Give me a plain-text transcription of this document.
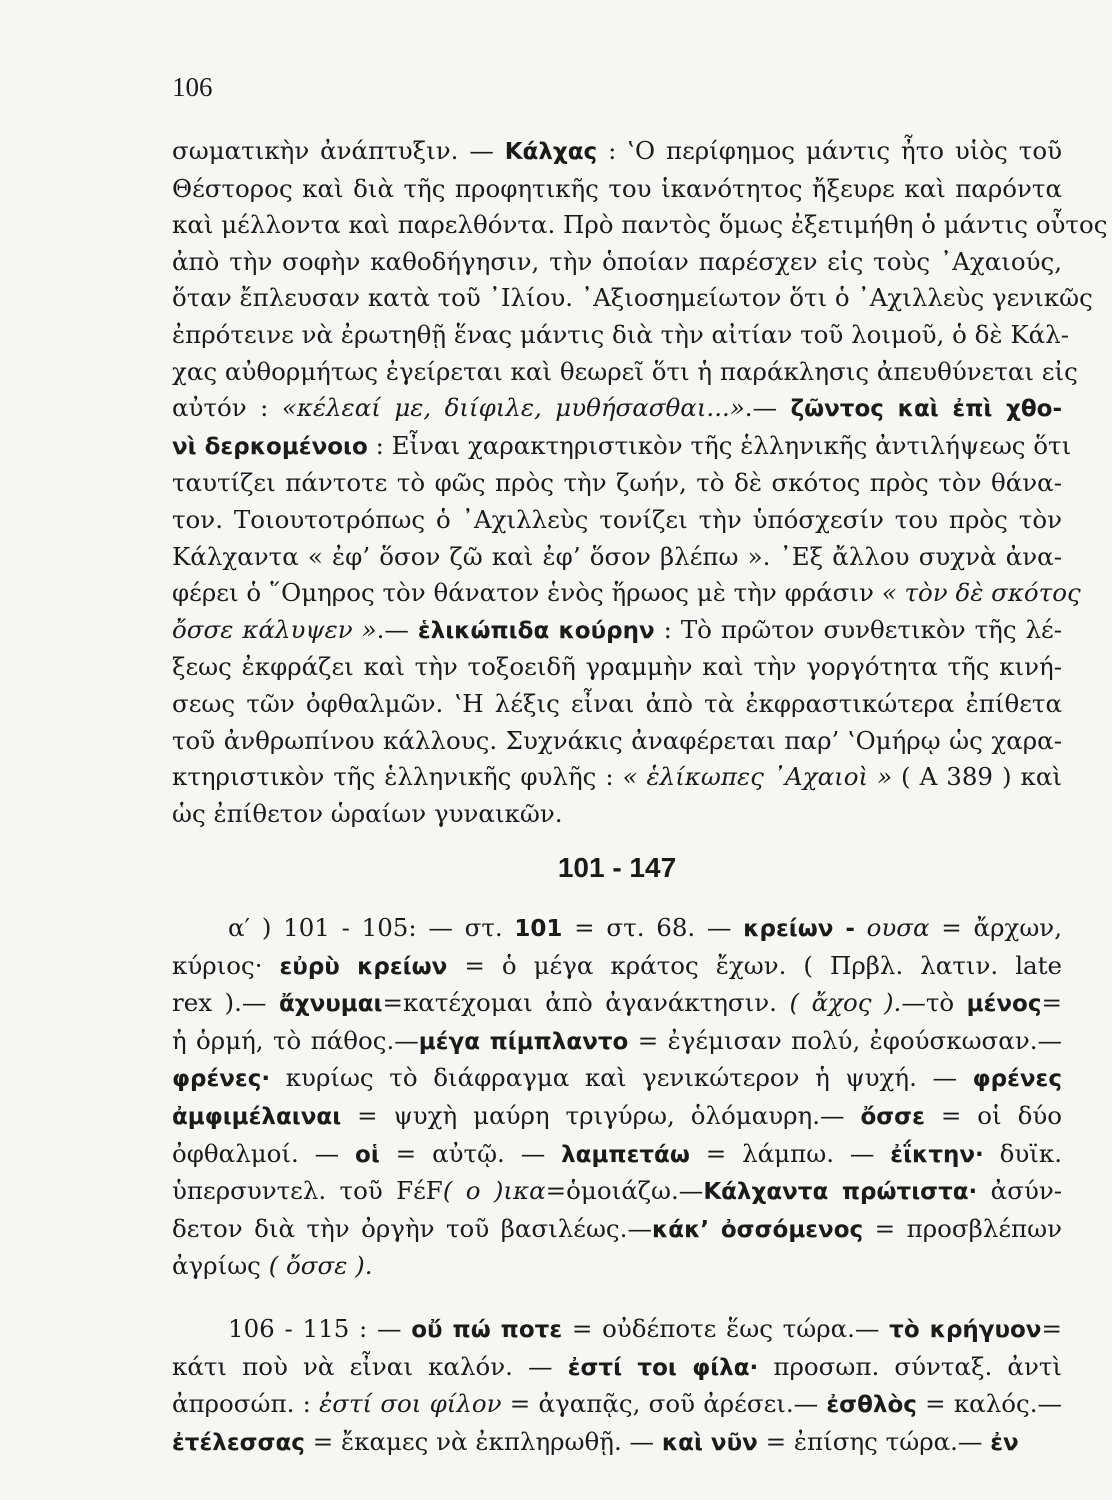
106
σωματικὴν ἀνάπτυξιν. — Κάλχας : ‛Ο περίφημος μάντις ἦτο υἱὸς τοῦ
Θέστορος καὶ διὰ τῆς προφητικῆς του ἱκανότητος ἤξευρε καὶ παρόντα
καὶ μέλλοντα καὶ παρελθόντα. Πρὸ παντὸς ὅμως ἐξετιμήθη ὁ μάντις οὗτος
ἀπὸ τὴν σοφὴν καθοδήγησιν, τὴν ὁποίαν παρέσχεν εἰς τοὺς ᾿Αχαιούς,
ὅταν ἔπλευσαν κατὰ τοῦ ᾿Ιλίου. ᾿Αξιοσημείωτον ὅτι ὁ ᾿Αχιλλεὺς γενικῶς
ἐπρότεινε νὰ ἐρωτηθῇ ἕνας μάντις διὰ τὴν αἰτίαν τοῦ λοιμοῦ, ὁ δὲ Κάλ-
χας αὐθορμήτως ἐγείρεται καὶ θεωρεῖ ὅτι ἡ παράκλησις ἀπευθύνεται εἰς
αὐτόν : «κέλεαί με, διίφιλε, μυθήσασθαι...».— ζῶντος καὶ ἐπὶ χθο-
νὶ δερκομένοιο : Εἶναι χαρακτηριστικὸν τῆς ἑλληνικῆς ἀντιλήψεως ὅτι
ταυτίζει πάντοτε τὸ φῶς πρὸς τὴν ζωήν, τὸ δὲ σκότος πρὸς τὸν θάνα-
τον. Τοιουτοτρόπως ὁ ᾿Αχιλλεὺς τονίζει τὴν ὑπόσχεσίν του πρὸς τὸν
Κάλχαντα « ἐφ’ ὅσον ζῶ καὶ ἐφ’ ὅσον βλέπω ». ᾿Εξ ἄλλου συχνὰ ἀνα-
φέρει ὁ ῞Ομηρος τὸν θάνατον ἑνὸς ἥρωος μὲ τὴν φράσιν « τὸν δὲ σκότος
ὄσσε κάλυψεν ».— ἑλικώπιδα κούρην : Τὸ πρῶτον συνθετικὸν τῆς λέ-
ξεως ἐκφράζει καὶ τὴν τοξοειδῆ γραμμὴν καὶ τὴν γοργότητα τῆς κινή-
σεως τῶν ὀφθαλμῶν. ‛Η λέξις εἶναι ἀπὸ τὰ ἐκφραστικώτερα ἐπίθετα
τοῦ ἀνθρωπίνου κάλλους. Συχνάκις ἀναφέρεται παρ’ ‛Ομήρῳ ὡς χαρα-
κτηριστικὸν τῆς ἑλληνικῆς φυλῆς : « ἑλίκωπες ᾿Αχαιοὶ » ( Α 389 ) καὶ
ὡς ἐπίθετον ὡραίων γυναικῶν.
101 - 147
α′ ) 101 - 105: — στ. 101 = στ. 68. — κρείων - ουσα = ἄρχων,
κύριος· εὐρὺ κρείων = ὁ μέγα κράτος ἔχων. ( Πρβλ. λατιν. late
rex ).— ἄχνυμαι=κατέχομαι ἀπὸ ἀγανάκτησιν. ( ἄχος ).—τὸ μένος=
ἡ ὁρμή, τὸ πάθος.—μέγα πίμπλαντο = ἐγέμισαν πολύ, ἐφούσκωσαν.—
φρένες· κυρίως τὸ διάφραγμα καὶ γενικώτερον ἡ ψυχή. — φρένες
ἀμφιμέλαιναι = ψυχὴ μαύρη τριγύρω, ὁλόμαυρη.— ὄσσε = οἱ δύο
ὀφθαλμοί. — οἱ = αὐτῷ. — λαμπετάω = λάμπω. — ἐΐκτην· δυϊκ.
ὑπερσυντελ. τοῦ FέF( ο )ικα=ὁμοιάζω.—Κάλχαντα πρώτιστα· ἀσύν-
δετον διὰ τὴν ὀργὴν τοῦ βασιλέως.—κάκ’ ὀσσόμενος = προσβλέπων
ἀγρίως ( ὄσσε ).
106 - 115 : — οὔ πώ ποτε = οὐδέποτε ἕως τώρα.— τὸ κρήγυον=
κάτι ποὺ νὰ εἶναι καλόν. — ἐστί τοι φίλα· προσωπ. σύνταξ. ἀντὶ
ἀπροσώπ. : ἐστί σοι φίλον = ἀγαπᾷς, σοῦ ἀρέσει.— ἐσθλὸς = καλός.—
ἐτέλεσσας = ἔκαμες νὰ ἐκπληρωθῇ. — καὶ νῦν = ἐπίσης τώρα.— ἐν
